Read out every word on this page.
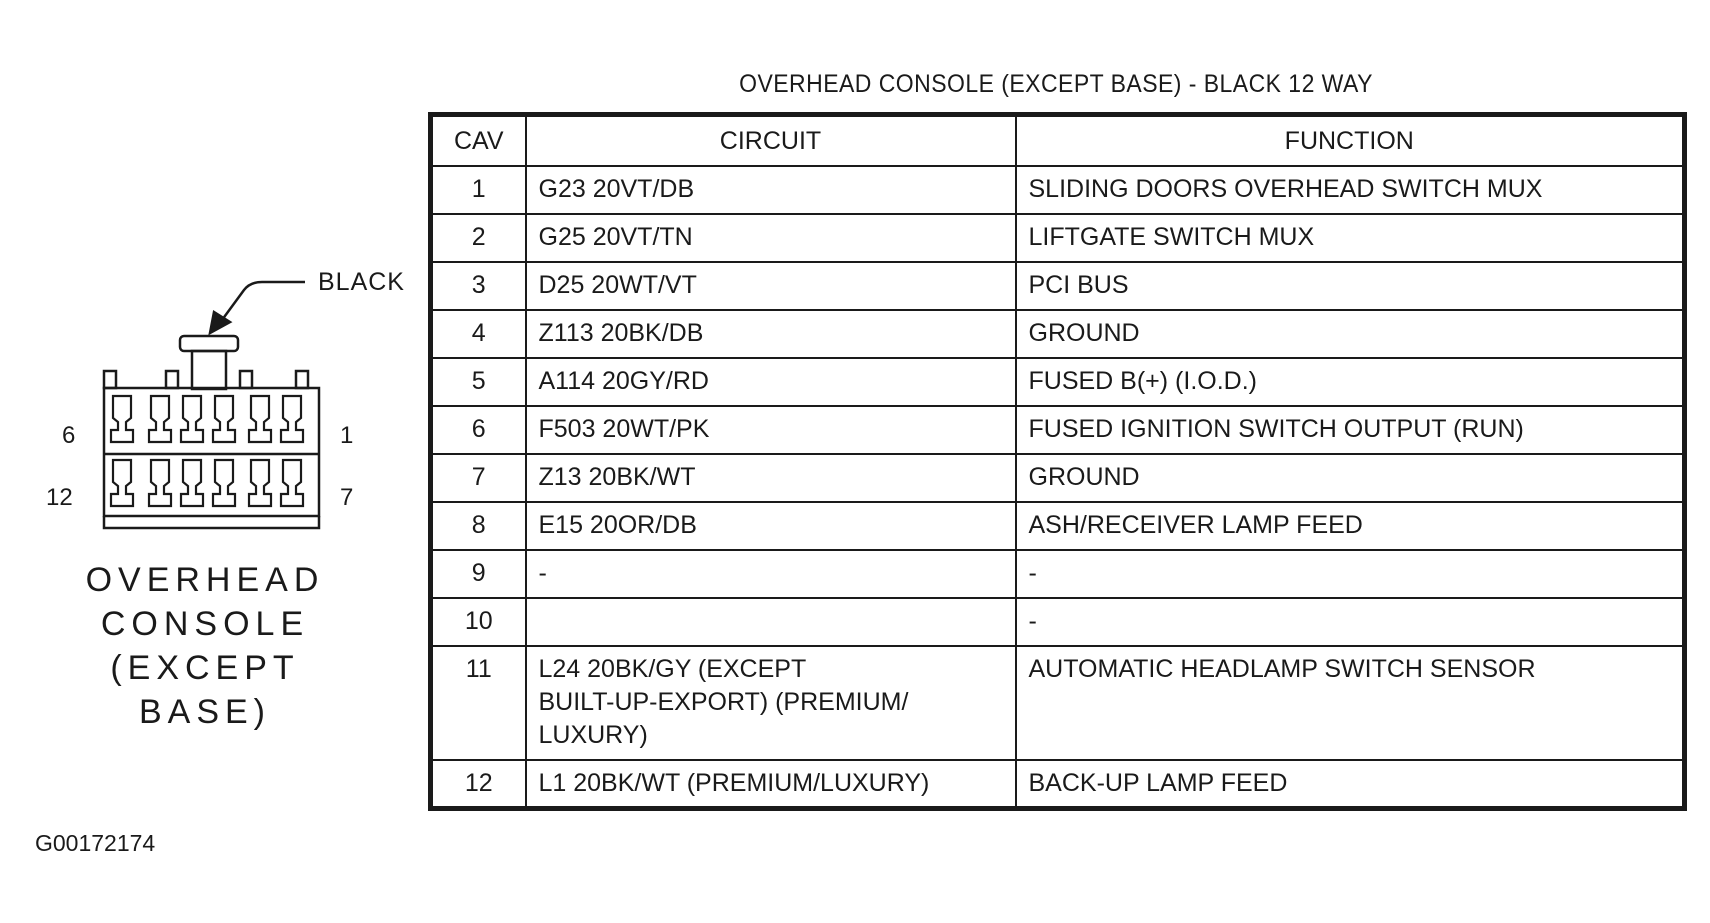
OVERHEAD CONSOLE (EXCEPT BASE) - BLACK 12 WAY
CAV	CIRCUIT	FUNCTION
1	G23 20VT/DB	SLIDING DOORS OVERHEAD SWITCH MUX
2	G25 20VT/TN	LIFTGATE SWITCH MUX
3	D25 20WT/VT	PCI BUS
4	Z113 20BK/DB	GROUND
5	A114 20GY/RD	FUSED B(+) (I.O.D.)
6	F503 20WT/PK	FUSED IGNITION SWITCH OUTPUT (RUN)
7	Z13 20BK/WT	GROUND
8	E15 20OR/DB	ASH/RECEIVER LAMP FEED
9	-	-
10		-
11	L24 20BK/GY (EXCEPT
BUILT-UP-EXPORT) (PREMIUM/
LUXURY)	AUTOMATIC HEADLAMP SWITCH SENSOR
12	L1 20BK/WT (PREMIUM/LUXURY)	BACK-UP LAMP FEED
6	1
12	7
BLACK
OVERHEAD
CONSOLE
(EXCEPT BASE)
G00172174
